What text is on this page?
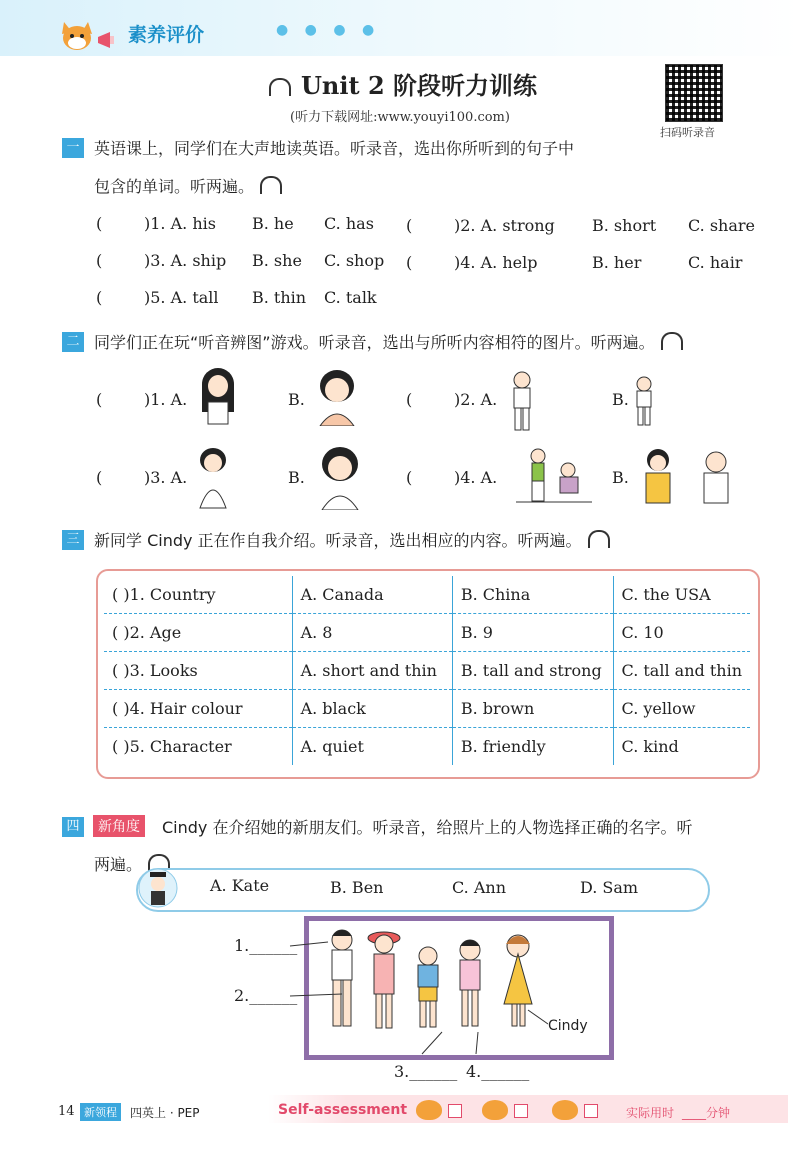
素养评价	● ● ● ●
Unit 2 阶段听力训练
(听力下载网址:www.youyi100.com)
扫码听录音
一 英语课上，同学们在大声地读英语。听录音，选出你所听到的句子中
包含的单词。听两遍。
(	)1. A. his B. he C. has (	)2. A. strong B. short C. share
(	)3. A. ship B. she C. shop (	)4. A. help	B. her	C. hair
(	)5. A. tall B. thin C. talk
二 同学们正在玩“听音辨图”游戏。听录音，选出与所听内容相符的图片。听两遍。
(	)1. A.	B.	(	)2. A.	B.
(	)3. A.	B.	(	)4. A.	B.
三 新同学 Cindy 正在作自我介绍。听录音，选出相应的内容。听两遍。
( )1. Country	A. Canada	B. China	C. the USA
( )2. Age	A. 8	B. 9	C. 10
( )3. Looks	A. short and thin	B. tall and strong	C. tall and thin
( )4. Hair colour	A. black	B. brown	C. yellow
( )5. Character	A. quiet	B. friendly	C. kind
四	新角度	Cindy 在介绍她的新朋友们。听录音，给照片上的人物选择正确的名字。听
两遍。
A. Kate	B. Ben	C. Ann	D. Sam
Cindy
1.______
2.______
3.______ 4.______
14 新领程	四英上 · PEP	Self-assessment	实际用时 ____分钟
